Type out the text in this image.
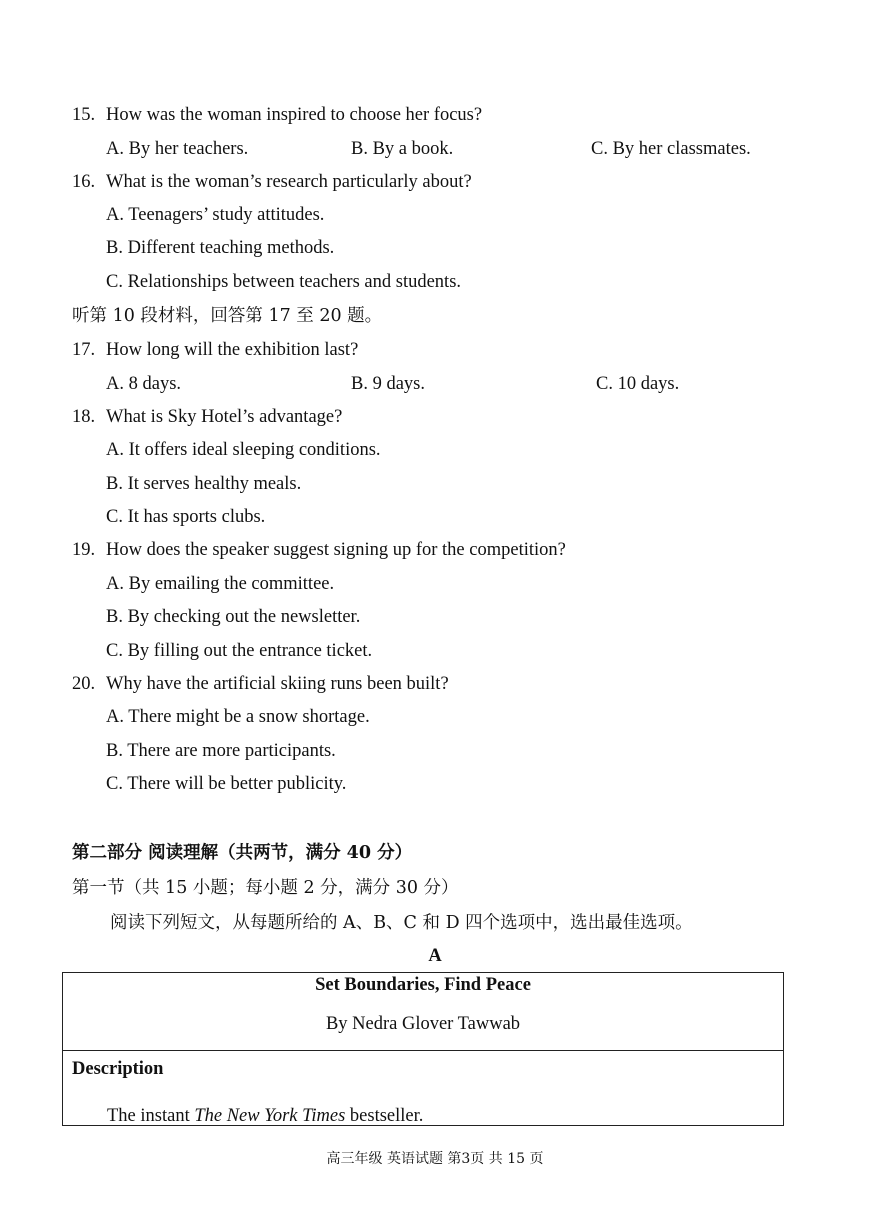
15. How was the woman inspired to choose her focus?
A. By her teachers.	B. By a book.	C. By her classmates.
16. What is the woman’s research particularly about?
A. Teenagers’ study attitudes.
B. Different teaching methods.
C. Relationships between teachers and students.
听第 10 段材料，回答第 17 至 20 题。
17. How long will the exhibition last?
A. 8 days.	B. 9 days.	C. 10 days.
18. What is Sky Hotel’s advantage?
A. It offers ideal sleeping conditions.
B. It serves healthy meals.
C. It has sports clubs.
19. How does the speaker suggest signing up for the competition?
A. By emailing the committee.
B. By checking out the newsletter.
C. By filling out the entrance ticket.
20. Why have the artificial skiing runs been built?
A. There might be a snow shortage.
B. There are more participants.
C. There will be better publicity.
第二部分 阅读理解（共两节，满分 40 分）
第一节（共 15 小题；每小题 2 分，满分 30 分）
阅读下列短文，从每题所给的 A、B、C 和 D 四个选项中，选出最佳选项。
A
Set Boundaries, Find Peace
By Nedra Glover Tawwab
Description
The instant The New York Times bestseller.
高三年级 英语试题 第3页 共 15 页
